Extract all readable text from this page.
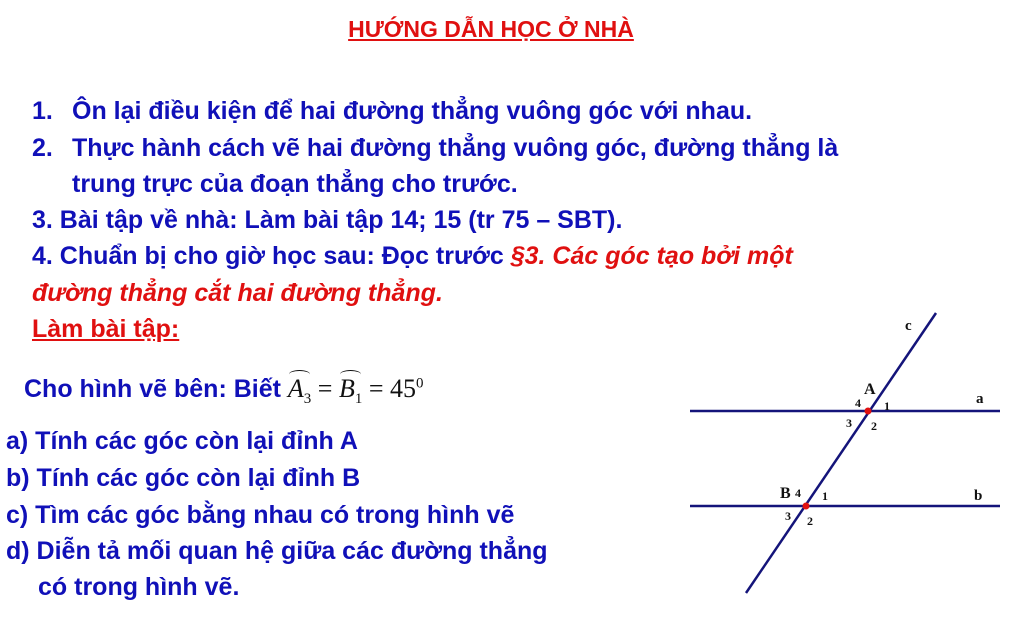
HƯỚNG DẪN HỌC Ở NHÀ
1. Ôn lại điều kiện để hai đường thẳng vuông góc với nhau.
2. Thực hành cách vẽ hai đường thẳng vuông góc, đường thẳng là
trung trực của đoạn thẳng cho trước.
3. Bài tập về nhà: Làm bài tập 14; 15 (tr 75 – SBT).
4. Chuẩn bị cho giờ học sau: Đọc trước §3. Các góc tạo bởi một
đường thẳng cắt hai đường thẳng.
Làm bài tập:
Cho hình vẽ bên: Biết $A_3 = B_1 = 45^0$
a) Tính các góc còn lại đỉnh A
b) Tính các góc còn lại đỉnh B
c) Tìm các góc bằng nhau có trong hình vẽ
d) Diễn tả mối quan hệ giữa các đường thẳng
có trong hình vẽ.
c
a
b
A
B
4 1
3 2
4 1
3 2
